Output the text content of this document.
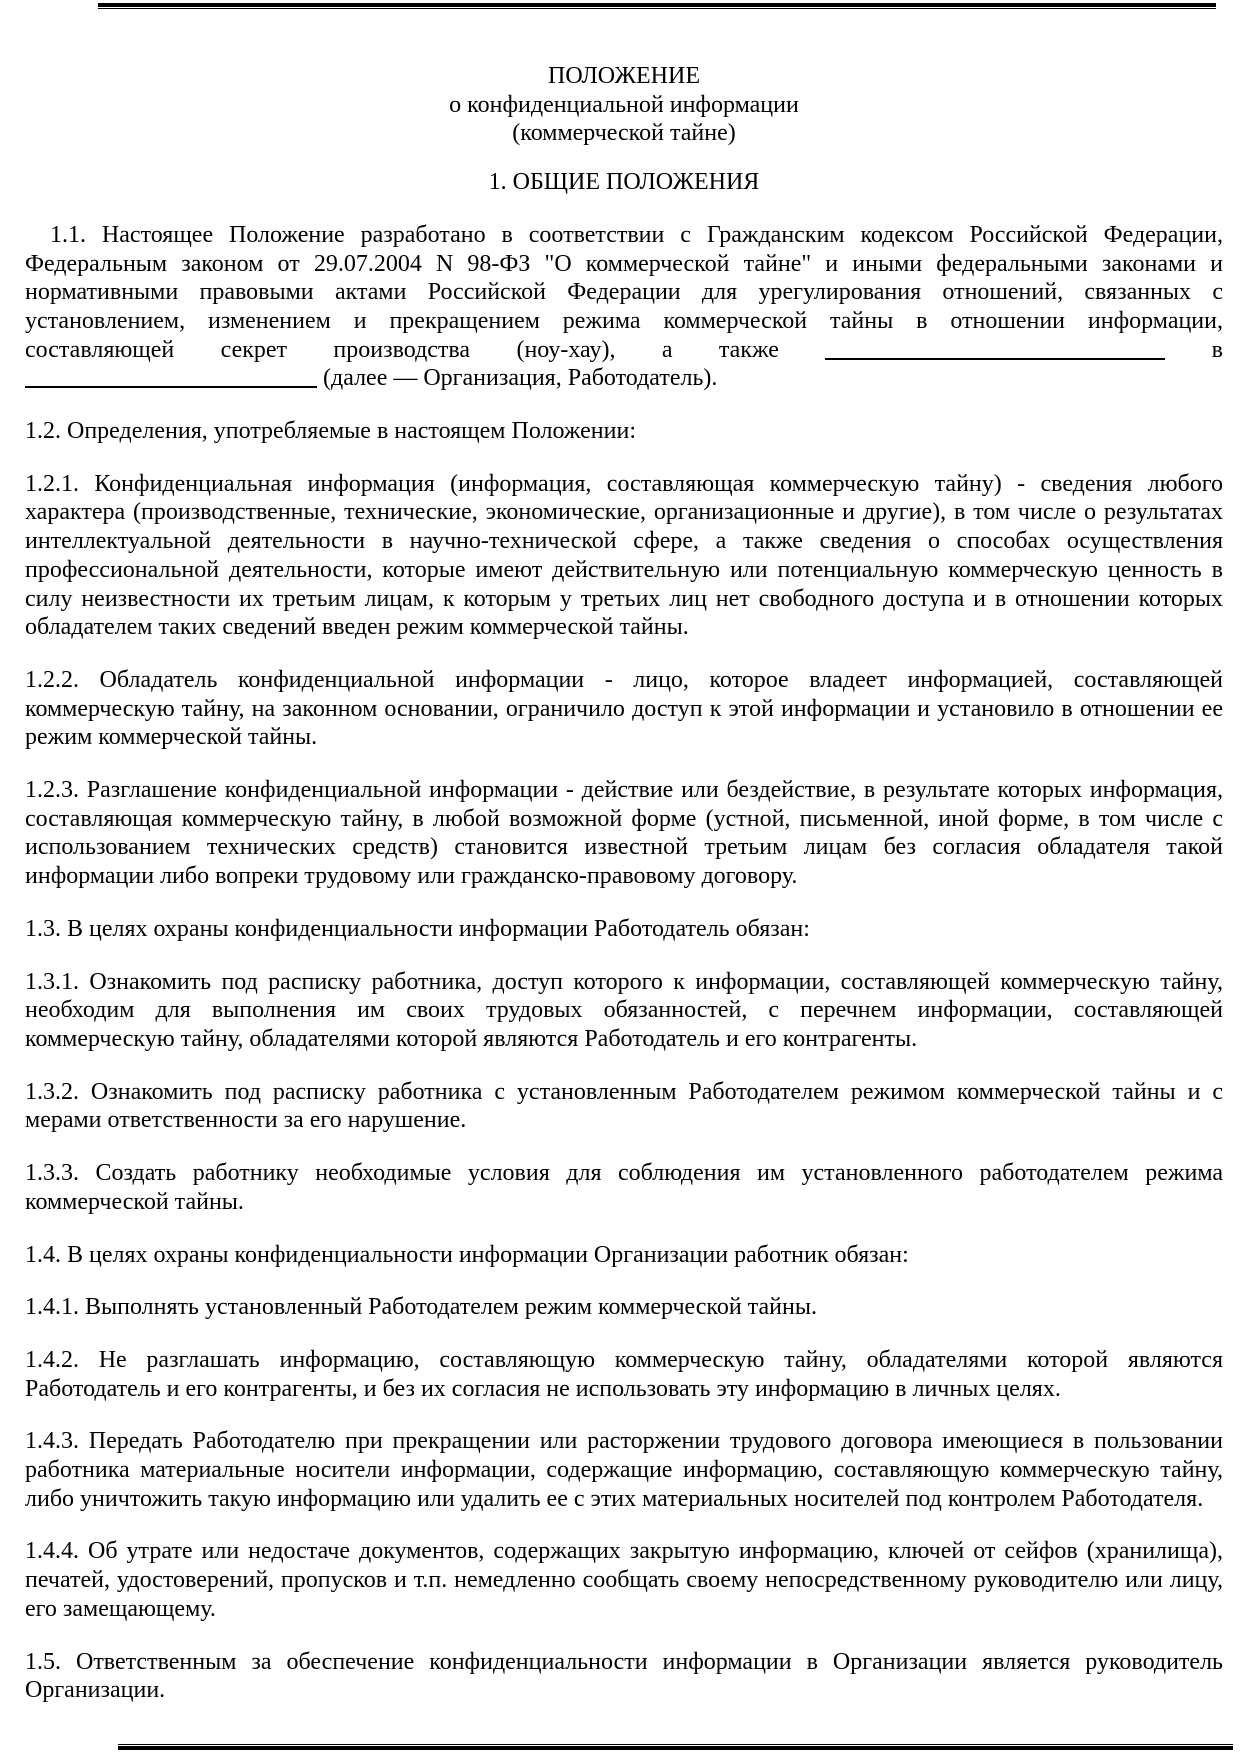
ПОЛОЖЕНИЕ
о конфиденциальной информации
(коммерческой тайне)
1. ОБЩИЕ ПОЛОЖЕНИЯ

1.1. Настоящее Положение разработано в соответствии с Гражданским кодексом Российской Федерации, Федеральным законом от 29.07.2004 N 98-ФЗ "О коммерческой тайне" и иными федеральными законами и нормативными правовыми актами Российской Федерации для урегулирования отношений, связанных с установлением, изменением и прекращением режима коммерческой тайны в отношении информации, составляющей секрет производства (ноу-хау), а также	в  (далее — Организация, Работодатель).

1.2. Определения, употребляемые в настоящем Положении:

1.2.1. Конфиденциальная информация (информация, составляющая коммерческую тайну) - сведения любого характера (производственные, технические, экономические, организационные и другие), в том числе о результатах интеллектуальной деятельности в научно-технической сфере, а также сведения о способах осуществления профессиональной деятельности, которые имеют действительную или потенциальную коммерческую ценность в силу неизвестности их третьим лицам, к которым у третьих лиц нет свободного доступа и в отношении которых обладателем таких сведений введен режим коммерческой тайны.

1.2.2. Обладатель конфиденциальной информации - лицо, которое владеет информацией, составляющей коммерческую тайну, на законном основании, ограничило доступ к этой информации и установило в отношении ее режим коммерческой тайны.

1.2.3. Разглашение конфиденциальной информации - действие или бездействие, в результате которых информация, составляющая коммерческую тайну, в любой возможной форме (устной, письменной, иной форме, в том числе с использованием технических средств) становится известной третьим лицам без согласия обладателя такой информации либо вопреки трудовому или гражданско-правовому договору.

1.3. В целях охраны конфиденциальности информации Работодатель обязан:

1.3.1. Ознакомить под расписку работника, доступ которого к информации, составляющей коммерческую тайну, необходим для выполнения им своих трудовых обязанностей, с перечнем информации, составляющей коммерческую тайну, обладателями которой являются Работодатель и его контрагенты.

1.3.2. Ознакомить под расписку работника с установленным Работодателем режимом коммерческой тайны и с мерами ответственности за его нарушение.

1.3.3. Создать работнику необходимые условия для соблюдения им установленного работодателем режима коммерческой тайны.

1.4. В целях охраны конфиденциальности информации Организации работник обязан:

1.4.1. Выполнять установленный Работодателем режим коммерческой тайны.

1.4.2. Не разглашать информацию, составляющую коммерческую тайну, обладателями которой являются Работодатель и его контрагенты, и без их согласия не использовать эту информацию в личных целях.

1.4.3. Передать Работодателю при прекращении или расторжении трудового договора имеющиеся в пользовании работника материальные носители информации, содержащие информацию, составляющую коммерческую тайну, либо уничтожить такую информацию или удалить ее с этих материальных носителей под контролем Работодателя.

1.4.4. Об утрате или недостаче документов, содержащих закрытую информацию, ключей от сейфов (хранилища), печатей, удостоверений, пропусков и т.п. немедленно сообщать своему непосредственному руководителю или лицу, его замещающему.

1.5. Ответственным за обеспечение конфиденциальности информации в Организации является руководитель Организации.
